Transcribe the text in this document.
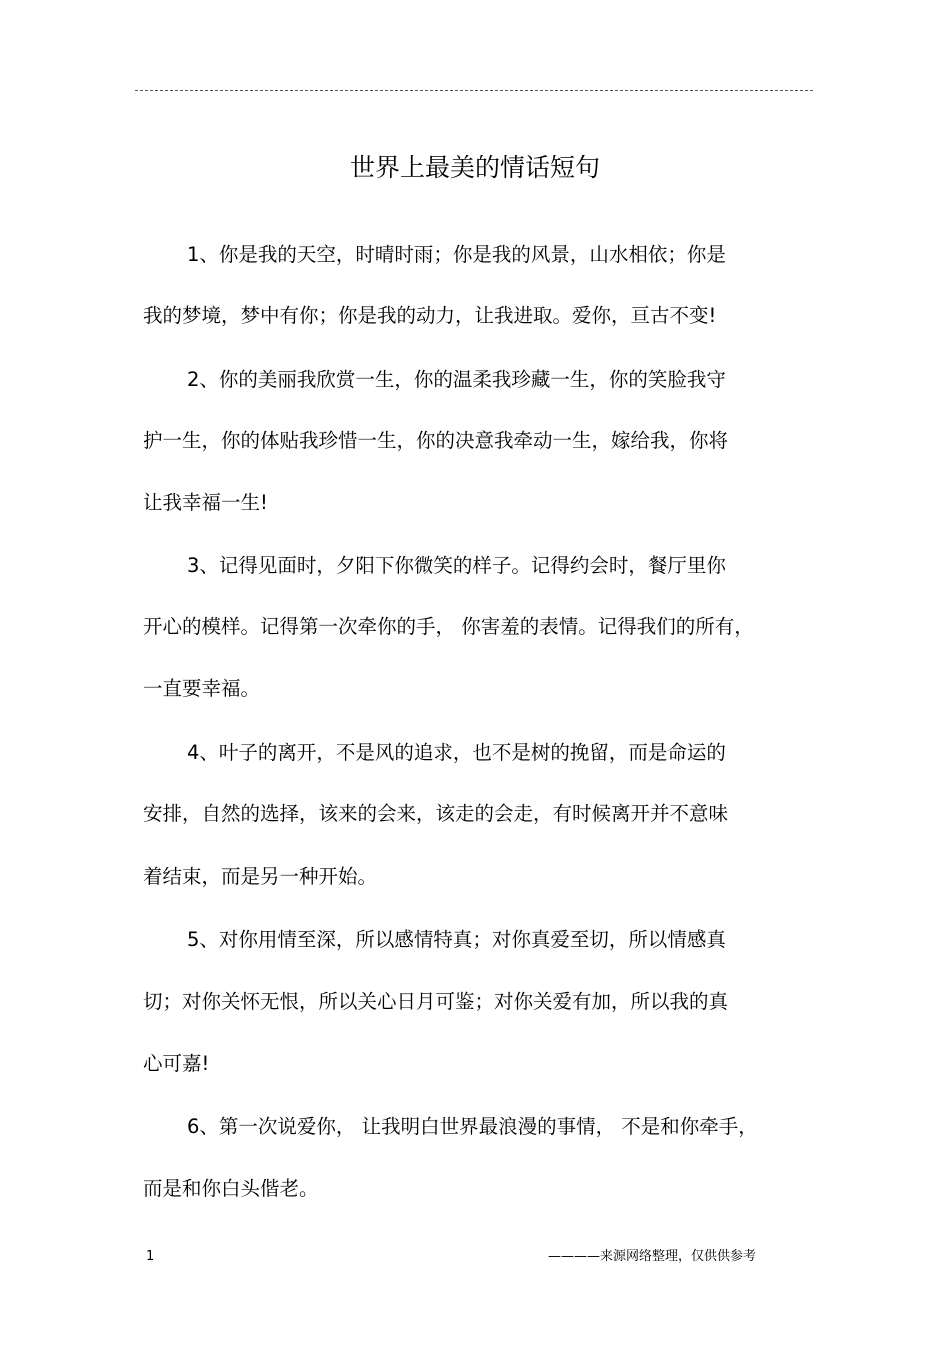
世界上最美的情话短句
1、你是我的天空，时晴时雨；你是我的风景，山水相依；你是
我的梦境，梦中有你；你是我的动力，让我进取。爱你，亘古不变!
2、你的美丽我欣赏一生，你的温柔我珍藏一生，你的笑脸我守
护一生，你的体贴我珍惜一生，你的决意我牵动一生，嫁给我，你将
让我幸福一生!
3、记得见面时，夕阳下你微笑的样子。记得约会时，餐厅里你
开心的模样。记得第一次牵你的手， 你害羞的表情。记得我们的所有，
一直要幸福。
4、叶子的离开，不是风的追求，也不是树的挽留，而是命运的
安排，自然的选择，该来的会来，该走的会走，有时候离开并不意味
着结束，而是另一种开始。
5、对你用情至深，所以感情特真；对你真爱至切，所以情感真
切；对你关怀无恨，所以关心日月可鉴；对你关爱有加，所以我的真
心可嘉!
6、第一次说爱你， 让我明白世界最浪漫的事情， 不是和你牵手，
而是和你白头偕老。
1	————来源网络整理，仅供供参考
